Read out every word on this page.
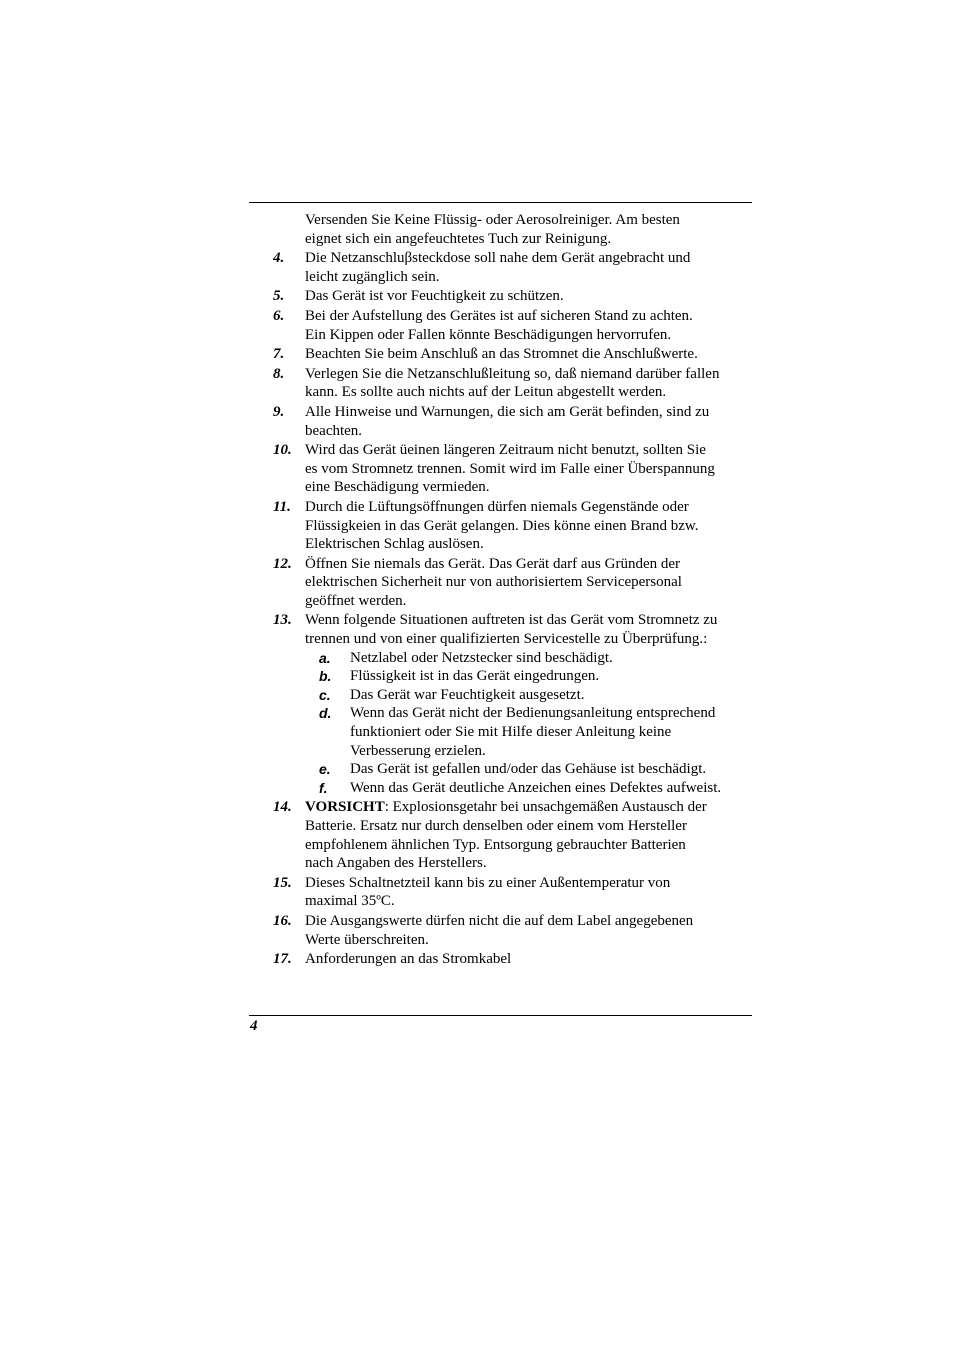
Versenden Sie Keine Flüssig- oder Aerosolreiniger. Am besten
eignet sich ein angefeuchtetes Tuch zur Reinigung.
4. Die Netzanschluβsteckdose soll nahe dem Gerät angebracht und
leicht zugänglich sein.
5. Das Gerät ist vor Feuchtigkeit zu schützen.
6. Bei der Aufstellung des Gerätes ist auf sicheren Stand zu achten.
Ein Kippen oder Fallen könnte Beschädigungen hervorrufen.
7. Beachten Sie beim Anschluß an das Stromnet die Anschlußwerte.
8. Verlegen Sie die Netzanschlußleitung so, daß niemand darüber fallen
kann. Es sollte auch nichts auf der Leitun abgestellt werden.
9. Alle Hinweise und Warnungen, die sich am Gerät befinden, sind zu
beachten.
10. Wird das Gerät üeinen längeren Zeitraum nicht benutzt, sollten Sie
es vom Stromnetz trennen. Somit wird im Falle einer Überspannung
eine Beschädigung vermieden.
11. Durch die Lüftungsöffnungen dürfen niemals Gegenstände oder
Flüssigkeien in das Gerät gelangen. Dies könne einen Brand bzw.
Elektrischen Schlag auslösen.
12. Öffnen Sie niemals das Gerät. Das Gerät darf aus Gründen der
elektrischen Sicherheit nur von authorisiertem Servicepersonal
geöffnet werden.
13. Wenn folgende Situationen auftreten ist das Gerät vom Stromnetz zu
trennen und von einer qualifizierten Servicestelle zu Überprüfung.:
a. Netzlabel oder Netzstecker sind beschädigt.
b. Flüssigkeit ist in das Gerät eingedrungen.
c. Das Gerät war Feuchtigkeit ausgesetzt.
d. Wenn das Gerät nicht der Bedienungsanleitung entsprechend
funktioniert oder Sie mit Hilfe dieser Anleitung keine
Verbesserung erzielen.
e. Das Gerät ist gefallen und/oder das Gehäuse ist beschädigt.
f. Wenn das Gerät deutliche Anzeichen eines Defektes aufweist.
14. VORSICHT: Explosionsgetahr bei unsachgemäßen Austausch der
Batterie. Ersatz nur durch denselben oder einem vom Hersteller
empfohlenem ähnlichen Typ. Entsorgung gebrauchter Batterien
nach Angaben des Herstellers.
15. Dieses Schaltnetzteil kann bis zu einer Außentemperatur von
maximal 35ºC.
16. Die Ausgangswerte dürfen nicht die auf dem Label angegebenen
Werte überschreiten.
17. Anforderungen an das Stromkabel
4
